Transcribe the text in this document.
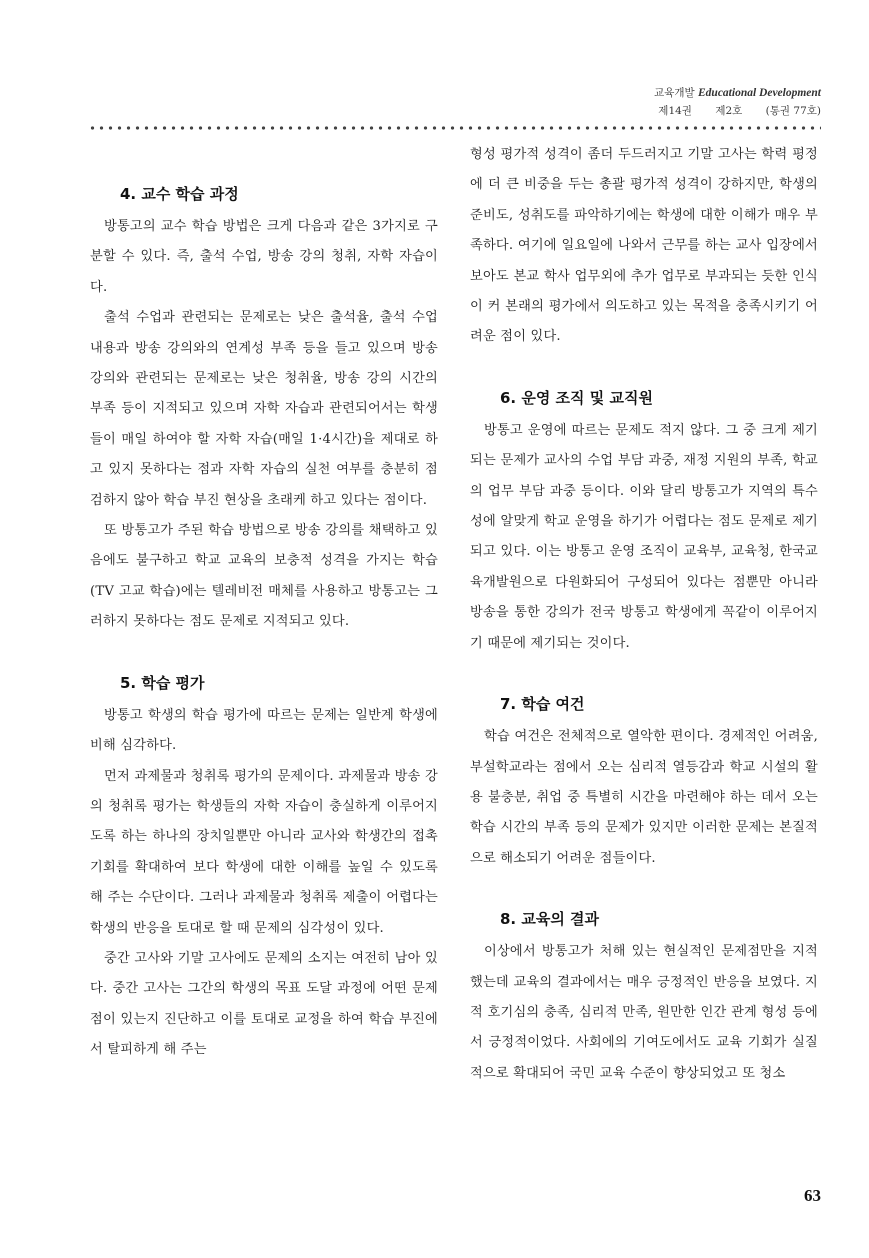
교육개발 Educational Development
제14권 제2호 (통권 77호)
4. 교수 학습 과정

방통고의 교수 학습 방법은 크게 다음과 같은 3가지로 구분할 수 있다. 즉, 출석 수업, 방송 강의 청취, 자학 자습이다.

출석 수업과 관련되는 문제로는 낮은 출석율, 출석 수업 내용과 방송 강의와의 연계성 부족 등을 들고 있으며 방송 강의와 관련되는 문제로는 낮은 청취율, 방송 강의 시간의 부족 등이 지적되고 있으며 자학 자습과 관련되어서는 학생들이 매일 하여야 할 자학 자습(매일 1·4시간)을 제대로 하고 있지 못하다는 점과 자학 자습의 실천 여부를 충분히 점검하지 않아 학습 부진 현상을 초래케 하고 있다는 점이다.

또 방통고가 주된 학습 방법으로 방송 강의를 채택하고 있음에도 불구하고 학교 교육의 보충적 성격을 가지는 학습(TV 고교 학습)에는 텔레비전 매체를 사용하고 방통고는 그러하지 못하다는 점도 문제로 지적되고 있다.

5. 학습 평가

방통고 학생의 학습 평가에 따르는 문제는 일반계 학생에 비해 심각하다.

먼저 과제물과 청취록 평가의 문제이다. 과제물과 방송 강의 청취록 평가는 학생들의 자학 자습이 충실하게 이루어지도록 하는 하나의 장치일뿐만 아니라 교사와 학생간의 접촉 기회를 확대하여 보다 학생에 대한 이해를 높일 수 있도록 해 주는 수단이다. 그러나 과제물과 청취록 제출이 어렵다는 학생의 반응을 토대로 할 때 문제의 심각성이 있다.

중간 고사와 기말 고사에도 문제의 소지는 여전히 남아 있다. 중간 고사는 그간의 학생의 목표 도달 과정에 어떤 문제점이 있는지 진단하고 이를 토대로 교정을 하여 학습 부진에서 탈피하게 해 주는

형성 평가적 성격이 좀더 두드러지고 기말 고사는 학력 평정에 더 큰 비중을 두는 총괄 평가적 성격이 강하지만, 학생의 준비도, 성취도를 파악하기에는 학생에 대한 이해가 매우 부족하다. 여기에 일요일에 나와서 근무를 하는 교사 입장에서 보아도 본교 학사 업무외에 추가 업무로 부과되는 듯한 인식이 커 본래의 평가에서 의도하고 있는 목적을 충족시키기 어려운 점이 있다.

6. 운영 조직 및 교직원

방통고 운영에 따르는 문제도 적지 않다. 그 중 크게 제기되는 문제가 교사의 수업 부담 과중, 재정 지원의 부족, 학교의 업무 부담 과중 등이다. 이와 달리 방통고가 지역의 특수성에 알맞게 학교 운영을 하기가 어렵다는 점도 문제로 제기되고 있다. 이는 방통고 운영 조직이 교육부, 교육청, 한국교육개발원으로 다원화되어 구성되어 있다는 점뿐만 아니라 방송을 통한 강의가 전국 방통고 학생에게 꼭같이 이루어지기 때문에 제기되는 것이다.

7. 학습 여건

학습 여건은 전체적으로 열악한 편이다. 경제적인 어려움, 부설학교라는 점에서 오는 심리적 열등감과 학교 시설의 활용 불충분, 취업 중 특별히 시간을 마련해야 하는 데서 오는 학습 시간의 부족 등의 문제가 있지만 이러한 문제는 본질적으로 해소되기 어려운 점들이다.

8. 교육의 결과

이상에서 방통고가 처해 있는 현실적인 문제점만을 지적했는데 교육의 결과에서는 매우 긍정적인 반응을 보였다. 지적 호기심의 충족, 심리적 만족, 원만한 인간 관계 형성 등에서 긍정적이었다. 사회에의 기여도에서도 교육 기회가 실질적으로 확대되어 국민 교육 수준이 향상되었고 또 청소

63
